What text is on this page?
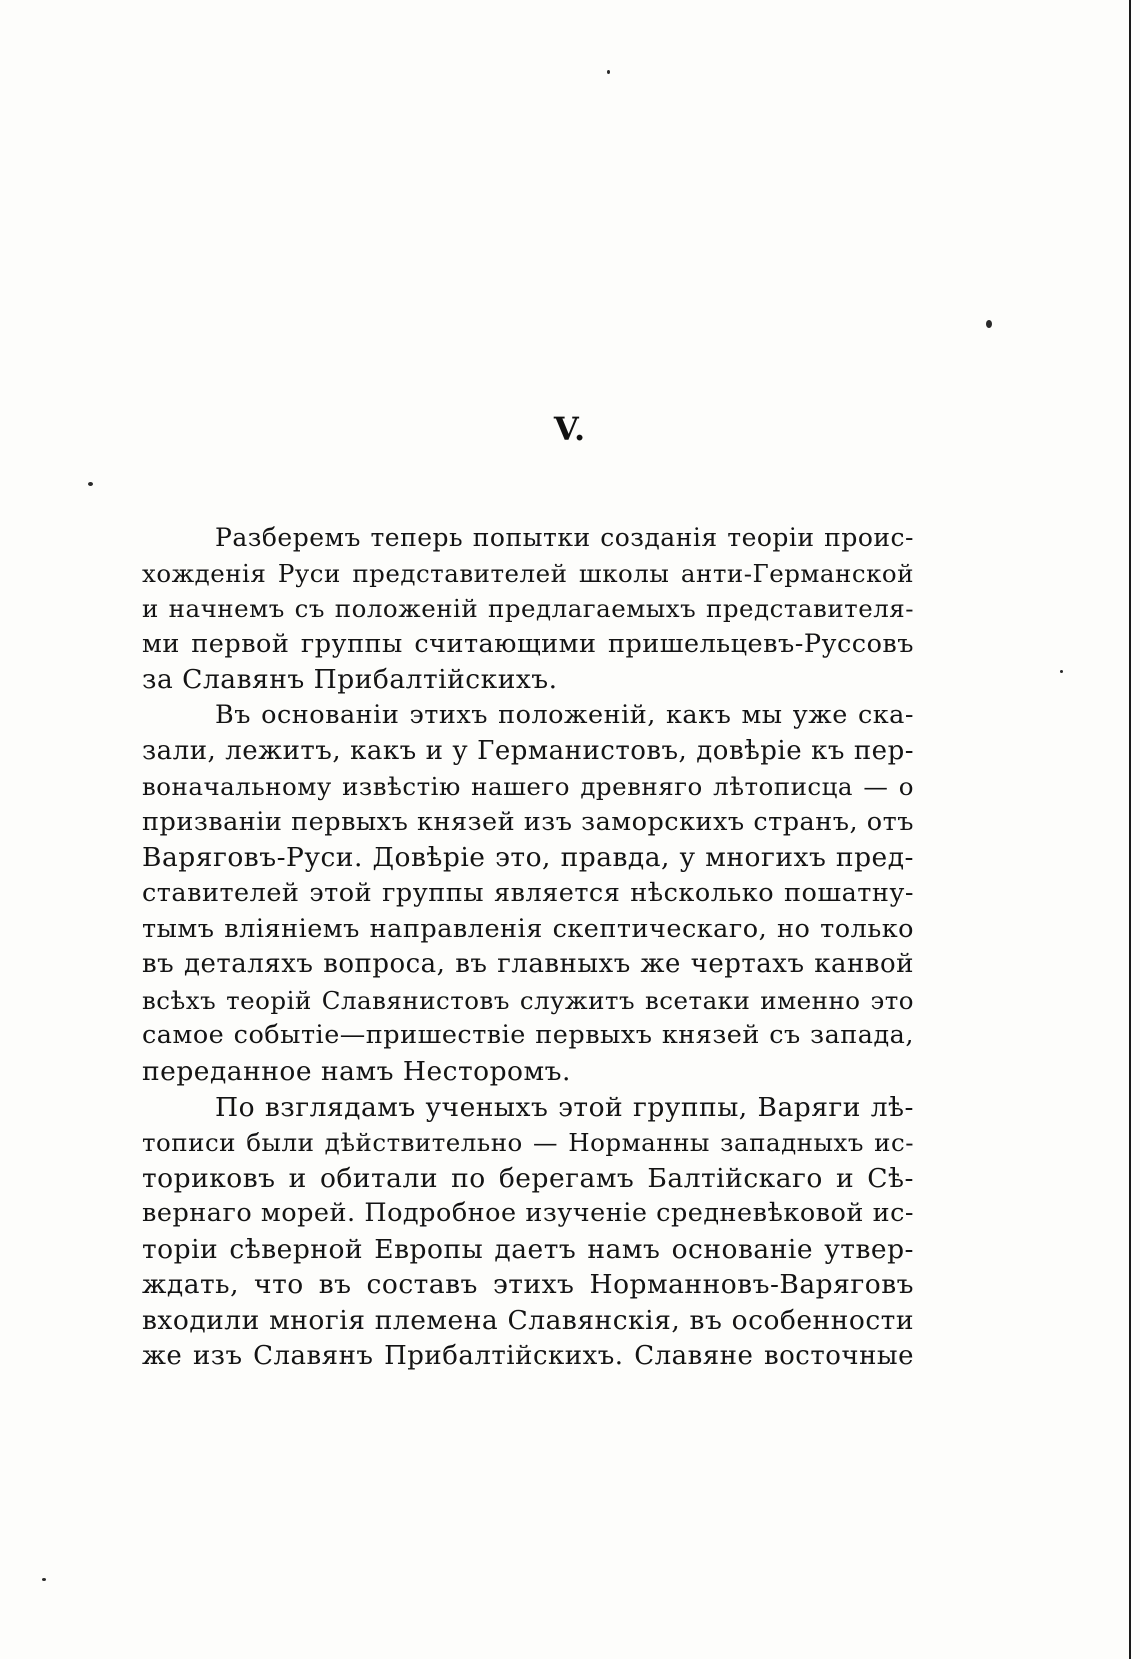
V.
Разберемъ теперь попытки созданія теоріи проис-
хожденія Руси представителей школы анти-Германской
и начнемъ съ положеній предлагаемыхъ представителя-
ми первой группы считающими пришельцевъ-Руссовъ
за Славянъ Прибалтійскихъ.
Въ основаніи этихъ положеній, какъ мы уже ска-
зали, лежитъ, какъ и у Германистовъ, довѣріе къ пер-
воначальному извѣстію нашего древняго лѣтописца — о
призваніи первыхъ князей изъ заморскихъ странъ, отъ
Варяговъ-Руси. Довѣріе это, правда, у многихъ пред-
ставителей этой группы является нѣсколько пошатну-
тымъ вліяніемъ направленія скептическаго, но только
въ деталяхъ вопроса, въ главныхъ же чертахъ канвой
всѣхъ теорій Славянистовъ служитъ всетаки именно это
самое событіе—пришествіе первыхъ князей съ запада,
переданное намъ Несторомъ.
По взглядамъ ученыхъ этой группы, Варяги лѣ-
тописи были дѣйствительно — Норманны западныхъ ис-
ториковъ и обитали по берегамъ Балтійскаго и Сѣ-
вернаго морей. Подробное изученіе средневѣковой ис-
торіи сѣверной Европы даетъ намъ основаніе утвер-
ждать, что въ составъ этихъ Норманновъ-Варяговъ
входили многія племена Славянскія, въ особенности
же изъ Славянъ Прибалтійскихъ. Славяне восточные
